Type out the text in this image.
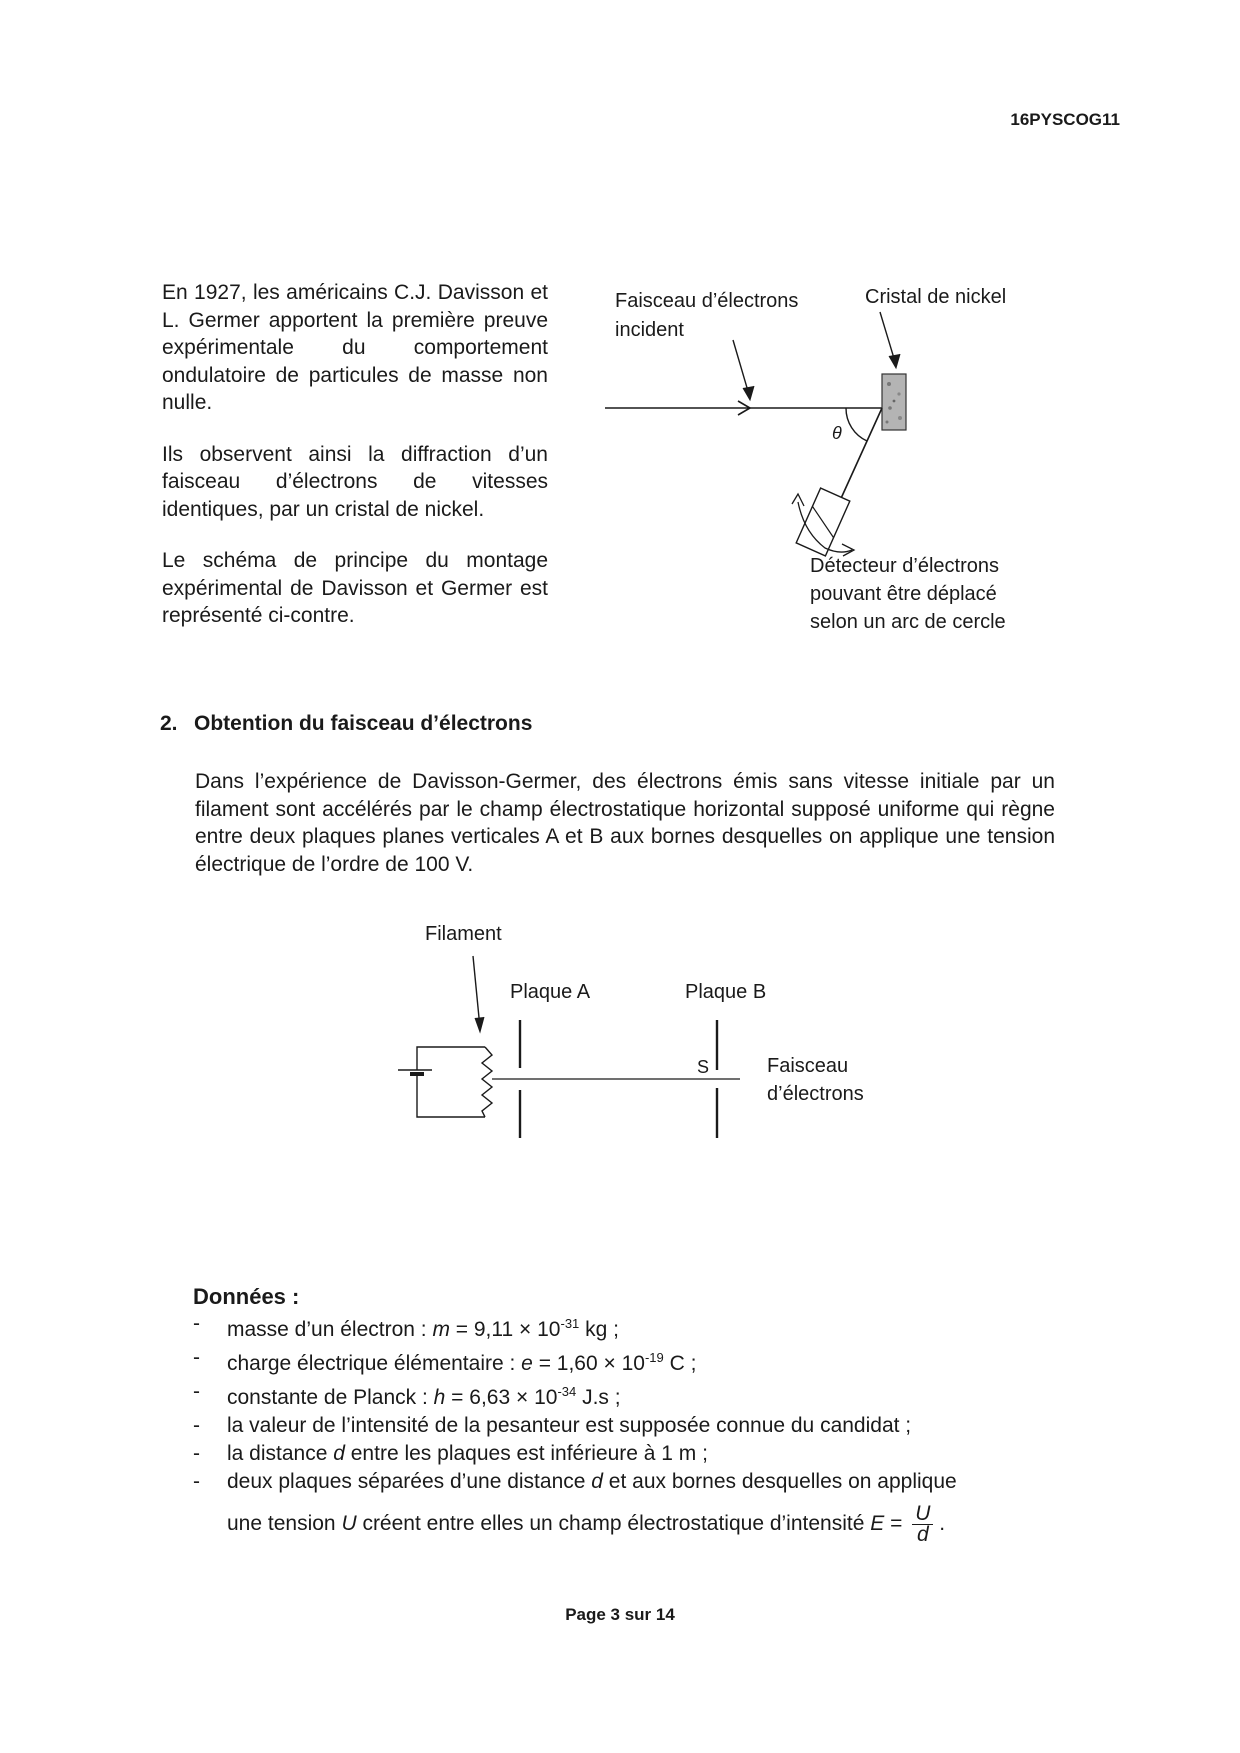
16PYSCOG11

En 1927, les américains C.J. Davisson et L. Germer apportent la première preuve expérimentale du comportement ondulatoire de particules de masse non nulle.

Ils observent ainsi la diffraction d’un faisceau d’électrons de vitesses identiques, par un cristal de nickel.

Le schéma de principe du montage expérimental de Davisson et Germer est représenté ci-contre.

Faisceau d’électrons
incident
Cristal de nickel
θ
Détecteur d’électrons
pouvant être déplacé
selon un arc de cercle
2. Obtention du faisceau d’électrons

Dans l’expérience de Davisson-Germer, des électrons émis sans vitesse initiale par un filament sont accélérés par le champ électrostatique horizontal supposé uniforme qui règne entre deux plaques planes verticales A et B aux bornes desquelles on applique une tension électrique de l’ordre de 100 V.

Filament
Plaque A	Plaque B
S	Faisceau
d’électrons
Données :
- masse d’un électron : $m = 9,11 \times 10^{-31}$ kg ;
- charge électrique élémentaire : $e = 1,60 \times 10^{-19}$ C ;
- constante de Planck : $h = 6,63 \times 10^{-34}$ J.s ;
- la valeur de l’intensité de la pesanteur est supposée connue du candidat ;
- la distance d entre les plaques est inférieure à 1 m ;
- deux plaques séparées d’une distance d et aux bornes desquelles on applique
une tension U créent entre elles un champ électrostatique d’intensité $E = \frac{U}{d}$ .
Page 3 sur 14
